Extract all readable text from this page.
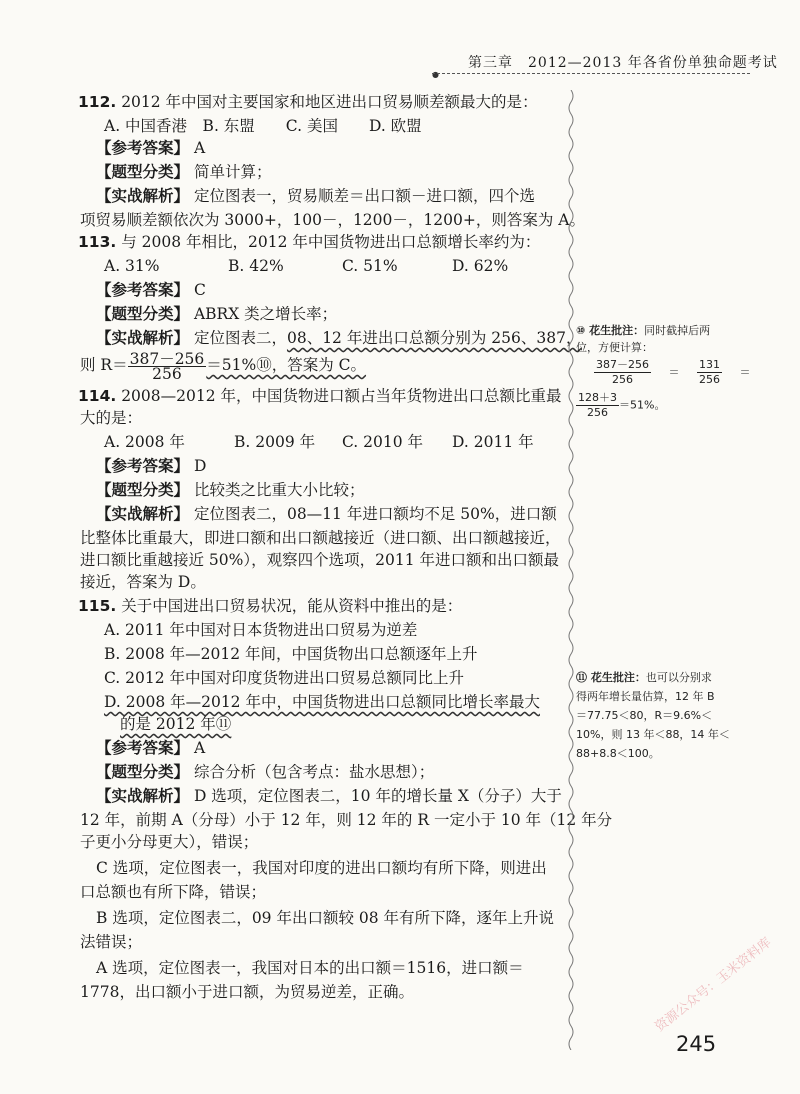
第三章　2012—2013 年各省份单独命题考试
●
112. 2012 年中国对主要国家和地区进出口贸易顺差额最大的是：
A. 中国香港　B. 东盟　　C. 美国　　D. 欧盟
【参考答案】 A
【题型分类】 简单计算；
【实战解析】 定位图表一，贸易顺差＝出口额－进口额，四个选
项贸易顺差额依次为 3000+，100－，1200－，1200+，则答案为 A。
113. 与 2008 年相比，2012 年中国货物进出口总额增长率约为：
A. 31%	B. 42%	C. 51%	D. 62%
【参考答案】 C
【题型分类】 ABRX 类之增长率；
【实战解析】 定位图表二，08、12 年进出口总额分别为 256、387，
则 $R= \frac{387-256}{256}$ ＝51%⑩，答案为 C。
114. 2008—2012 年，中国货物进口额占当年货物进出口总额比重最
大的是：
A. 2008 年	B. 2009 年 C. 2010 年 D. 2011 年
【参考答案】 D
【题型分类】 比较类之比重大小比较；
【实战解析】 定位图表二，08—11 年进口额均不足 50%，进口额
比整体比重最大，即进口额和出口额越接近（进口额、出口额越接近，
进口额比重越接近 50%），观察四个选项，2011 年进口额和出口额最
接近，答案为 D。
115. 关于中国进出口贸易状况，能从资料中推出的是：
A. 2011 年中国对日本货物进出口贸易为逆差
B. 2008 年—2012 年间，中国货物出口总额逐年上升
C. 2012 年中国对印度货物进出口贸易总额同比上升
D. 2008 年—2012 年中，中国货物进出口总额同比增长率最大
的是 2012 年⑪
【参考答案】 A
【题型分类】 综合分析（包含考点：盐水思想）；
【实战解析】 D 选项，定位图表二，10 年的增长量 X（分子）大于
12 年，前期 A（分母）小于 12 年，则 12 年的 R 一定小于 10 年（12 年分
子更小分母更大），错误；
C 选项，定位图表一，我国对印度的进出口额均有所下降，则进出
口总额也有所下降，错误；
B 选项，定位图表二，09 年出口额较 08 年有所下降，逐年上升说
法错误；
A 选项，定位图表一，我国对日本的出口额＝1516，进口额＝
1778，出口额小于进口额，为贸易逆差，正确。
⑩ 花生批注：同时截掉后两
位，方便计算：
$\frac{387-256}{256} = \frac{131}{256}$ ＝
$\frac{128+3}{256} =51\%$。
⑪ 花生批注：也可以分别求
得两年增长量估算，12 年 B
＝77.75＜80，R＝9.6%＜
10%，则 13 年＜88，14 年＜
88+8.8＜100。
245
资源公众号：玉米资料库
